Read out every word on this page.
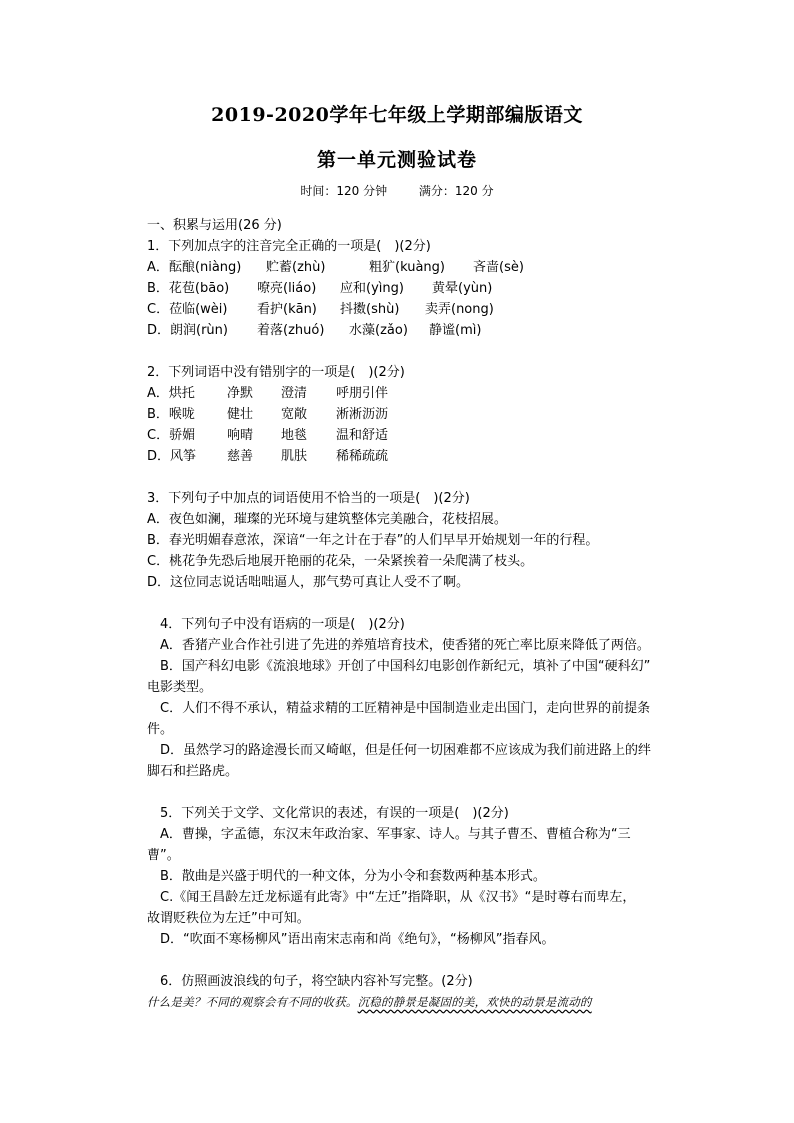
2019-2020学年七年级上学期部编版语文
第一单元测验试卷
时间：120 分钟	满分：120 分
一、积累与运用(26 分)
1．下列加点字的注音完全正确的一项是(　)(2分)
A．酝酿(niàng) 贮蓄(zhù)	粗犷(kuàng) 吝啬(sè)
B．花苞(bāo) 嘹亮(liáo) 应和(yìng) 黄晕(yùn)
C．莅临(wèi) 看护(kān) 抖擞(shù) 卖弄(nong)
D．朗润(rùn) 着落(zhuó) 水藻(zǎo) 静谧(mì)
2．下列词语中没有错别字的一项是(　)(2分)
A．烘托 净默 澄清 呼朋引伴
B．喉咙 健壮 宽敞 淅淅沥沥
C．骄媚 响晴 地毯 温和舒适
D．风筝 慈善 肌肤 稀稀疏疏
3．下列句子中加点的词语使用不恰当的一项是(　)(2分)
A．夜色如澜，璀璨的光环境与建筑整体完美融合，花枝招展。
B．春光明媚春意浓，深谙“一年之计在于春”的人们早早开始规划一年的行程。
C．桃花争先恐后地展开艳丽的花朵，一朵紧挨着一朵爬满了枝头。
D．这位同志说话咄咄逼人，那气势可真让人受不了啊。
4．下列句子中没有语病的一项是(　)(2分)
A．香猪产业合作社引进了先进的养殖培育技术，使香猪的死亡率比原来降低了两倍。
B．国产科幻电影《流浪地球》开创了中国科幻电影创作新纪元，填补了中国“硬科幻”
电影类型。
C．人们不得不承认，精益求精的工匠精神是中国制造业走出国门，走向世界的前提条
件。
D．虽然学习的路途漫长而又崎岖，但是任何一切困难都不应该成为我们前进路上的绊
脚石和拦路虎。
5．下列关于文学、文化常识的表述，有误的一项是(　)(2分)
A．曹操，字孟德，东汉末年政治家、军事家、诗人。与其子曹丕、曹植合称为“三
曹”。
B．散曲是兴盛于明代的一种文体，分为小令和套数两种基本形式。
C.《闻王昌龄左迁龙标遥有此寄》中“左迁”指降职，从《汉书》“是时尊右而卑左，
故谓贬秩位为左迁”中可知。
D．“吹面不寒杨柳风”语出南宋志南和尚《绝句》，“杨柳风”指春风。
6．仿照画波浪线的句子，将空缺内容补写完整。(2分)
什么是美？不同的观察会有不同的收获。沉稳的静景是凝固的美，欢快的动景是流动的
